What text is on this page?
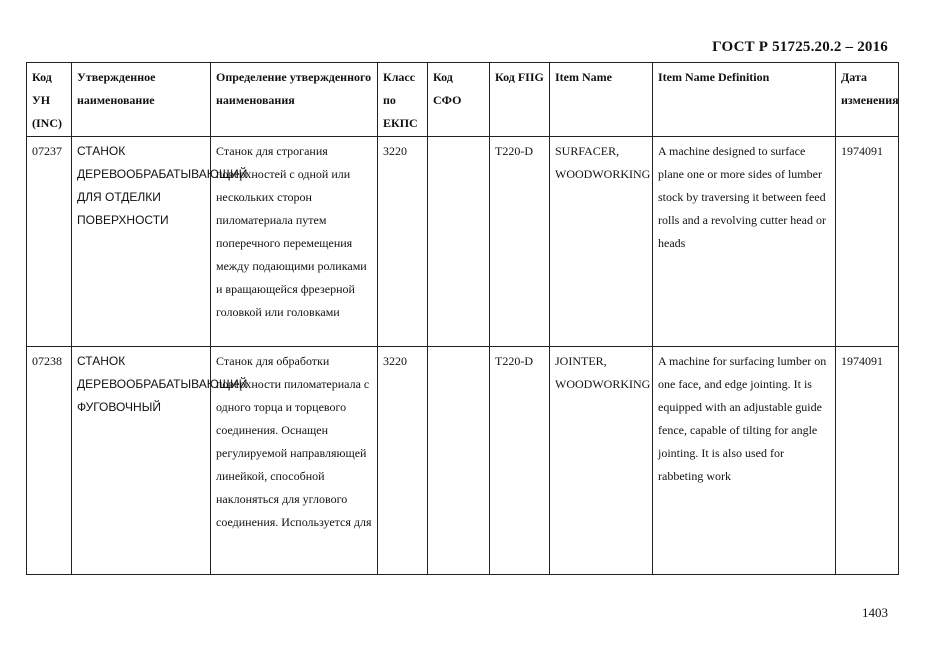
ГОСТ Р 51725.20.2 – 2016
Код УН (INC)	Утвержденное наименование	Определение утвержденного наименования	Класс по ЕКПС	Код СФО	Код FIIG	Item Name	Item Name Definition	Дата изменения
07237	СТАНОК ДЕРЕВООБРАБАТЫВАЮЩИЙ ДЛЯ ОТДЕЛКИ ПОВЕРХНОСТИ	Станок для строгания поверхностей с одной или нескольких сторон пиломатериала путем поперечного перемещения между подающими роликами и вращающейся фрезерной головкой или головками	3220		T220-D	SURFACER, WOODWORKING	A machine designed to surface plane one or more sides of lumber stock by traversing it between feed rolls and a revolving cutter head or heads	1974091
07238	СТАНОК ДЕРЕВООБРАБАТЫВАЮЩИЙ ФУГОВОЧНЫЙ	Станок для обработки поверхности пиломатериала с одного торца и торцевого соединения. Оснащен регулируемой направляющей линейкой, способной наклоняться для углового соединения. Используется для	3220		T220-D	JOINTER, WOODWORKING	A machine for surfacing lumber on one face, and edge jointing. It is equipped with an adjustable guide fence, capable of tilting for angle jointing. It is also used for rabbeting work	1974091
1403
